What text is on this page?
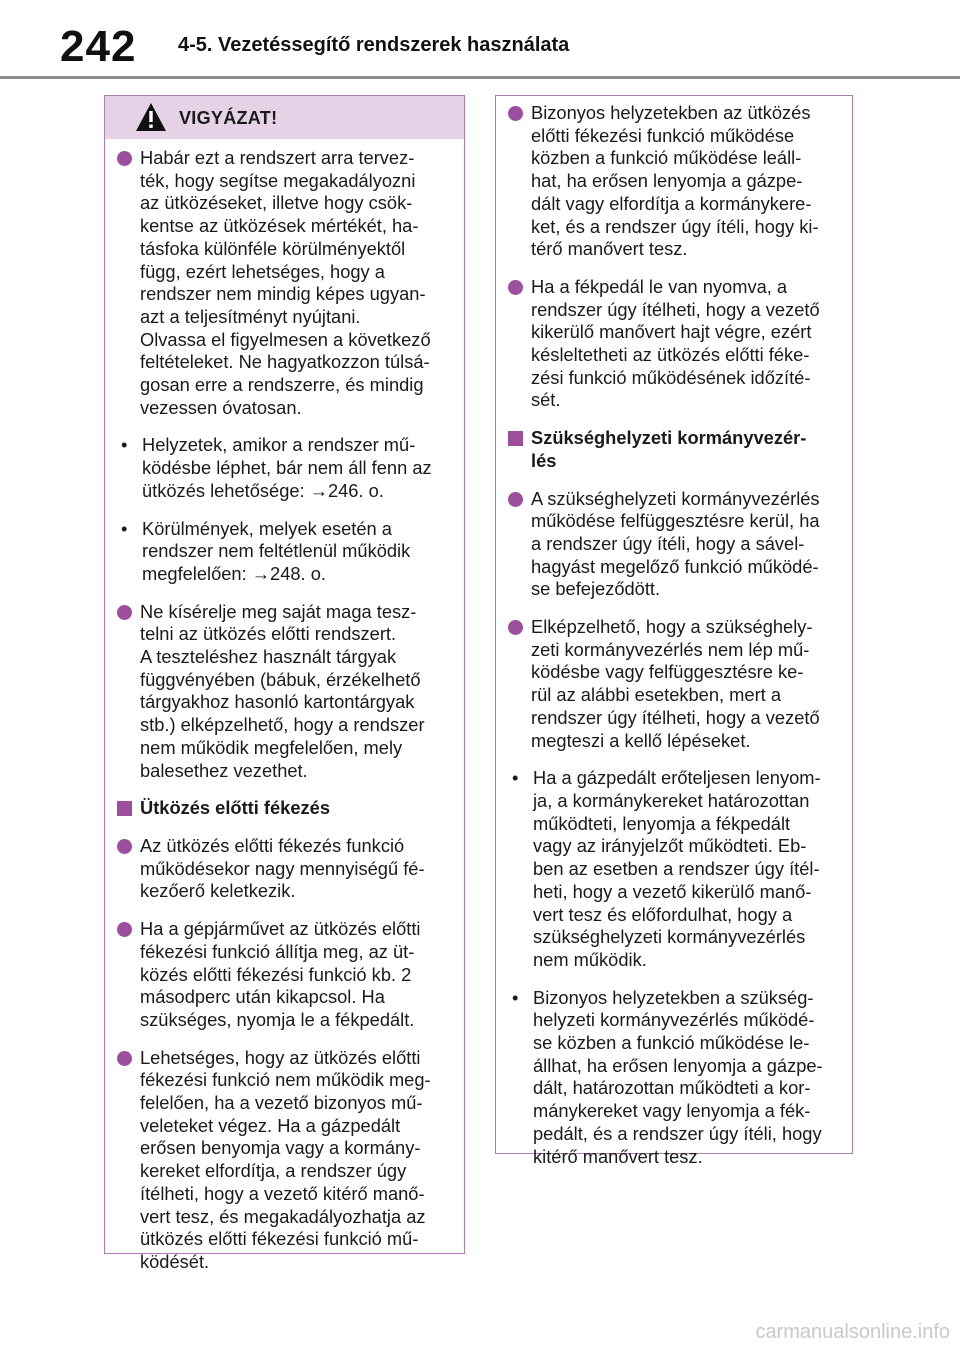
242 4-5. Vezetéssegítő rendszerek használata
VIGYÁZAT!
Habár ezt a rendszert arra tervez-
ték, hogy segítse megakadályozni
az ütközéseket, illetve hogy csök-
kentse az ütközések mértékét, ha-
tásfoka különféle körülményektől
függ, ezért lehetséges, hogy a
rendszer nem mindig képes ugyan-
azt a teljesítményt nyújtani.
Olvassa el figyelmesen a következő
feltételeket. Ne hagyatkozzon túlsá-
gosan erre a rendszerre, és mindig
vezessen óvatosan.
• Helyzetek, amikor a rendszer mű-
ködésbe léphet, bár nem áll fenn az
ütközés lehetősége: →246. o.
• Körülmények, melyek esetén a
rendszer nem feltétlenül működik
megfelelően: →248. o.
Ne kísérelje meg saját maga tesz-
telni az ütközés előtti rendszert.
A teszteléshez használt tárgyak
függvényében (bábuk, érzékelhető
tárgyakhoz hasonló kartontárgyak
stb.) elképzelhető, hogy a rendszer
nem működik megfelelően, mely
balesethez vezethet.
Ütközés előtti fékezés
Az ütközés előtti fékezés funkció
működésekor nagy mennyiségű fé-
kezőerő keletkezik.
Ha a gépjárművet az ütközés előtti
fékezési funkció állítja meg, az üt-
közés előtti fékezési funkció kb. 2
másodperc után kikapcsol. Ha
szükséges, nyomja le a fékpedált.
Lehetséges, hogy az ütközés előtti
fékezési funkció nem működik meg-
felelően, ha a vezető bizonyos mű-
veleteket végez. Ha a gázpedált
erősen benyomja vagy a kormány-
kereket elfordítja, a rendszer úgy
ítélheti, hogy a vezető kitérő manő-
vert tesz, és megakadályozhatja az
ütközés előtti fékezési funkció mű-
ködését.
Bizonyos helyzetekben az ütközés
előtti fékezési funkció működése
közben a funkció működése leáll-
hat, ha erősen lenyomja a gázpe-
dált vagy elfordítja a kormánykere-
ket, és a rendszer úgy ítéli, hogy ki-
térő manővert tesz.
Ha a fékpedál le van nyomva, a
rendszer úgy ítélheti, hogy a vezető
kikerülő manővert hajt végre, ezért
késleltetheti az ütközés előtti féke-
zési funkció működésének időzíté-
sét.
Szükséghelyzeti kormányvezér-
lés
A szükséghelyzeti kormányvezérlés
működése felfüggesztésre kerül, ha
a rendszer úgy ítéli, hogy a sável-
hagyást megelőző funkció működé-
se befejeződött.
Elképzelhető, hogy a szükséghely-
zeti kormányvezérlés nem lép mű-
ködésbe vagy felfüggesztésre ke-
rül az alábbi esetekben, mert a
rendszer úgy ítélheti, hogy a vezető
megteszi a kellő lépéseket.
• Ha a gázpedált erőteljesen lenyom-
ja, a kormánykereket határozottan
működteti, lenyomja a fékpedált
vagy az irányjelzőt működteti. Eb-
ben az esetben a rendszer úgy ítél-
heti, hogy a vezető kikerülő manő-
vert tesz és előfordulhat, hogy a
szükséghelyzeti kormányvezérlés
nem működik.
• Bizonyos helyzetekben a szükség-
helyzeti kormányvezérlés működé-
se közben a funkció működése le-
állhat, ha erősen lenyomja a gázpe-
dált, határozottan működteti a kor-
mánykereket vagy lenyomja a fék-
pedált, és a rendszer úgy ítéli, hogy
kitérő manővert tesz.
carmanualsonline.info
